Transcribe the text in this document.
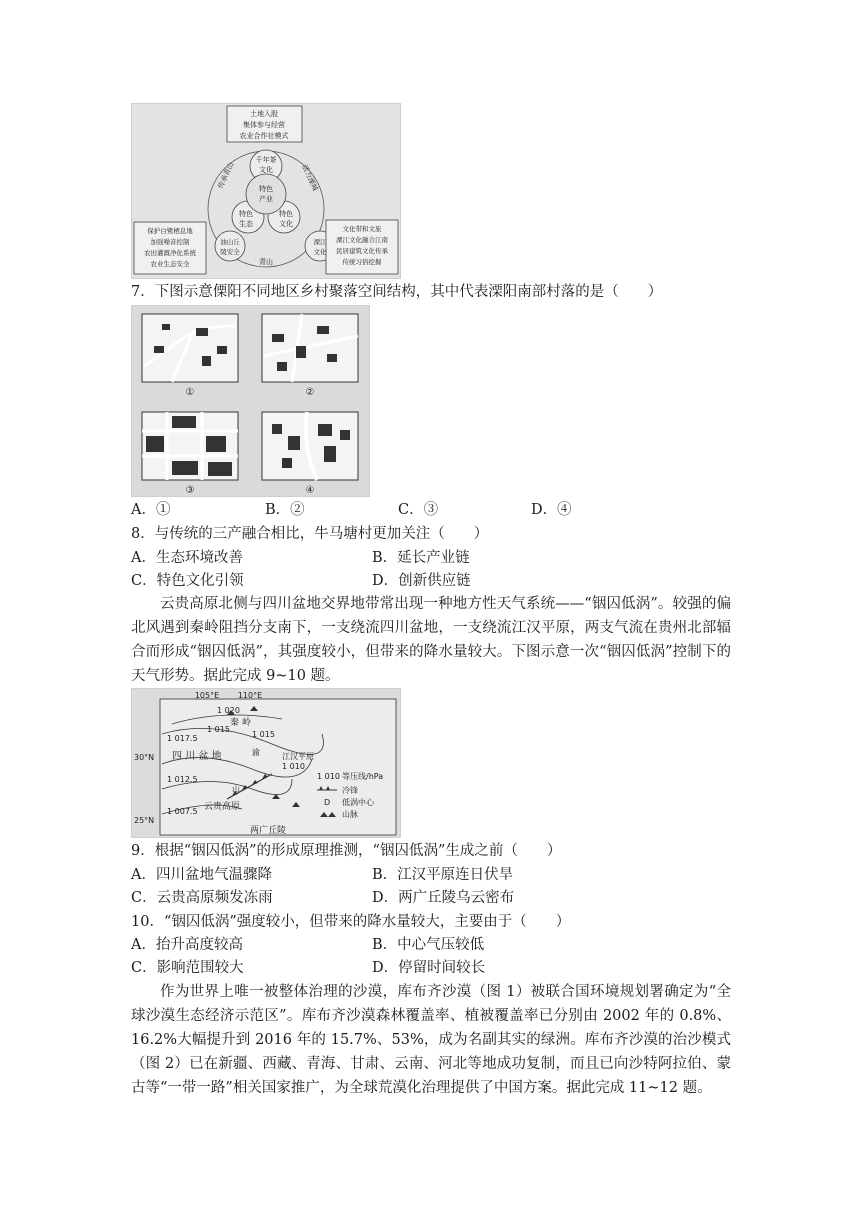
土地入股
集体参与经营
农业合作社模式
千年茶
文化
特色
产业
特色
生态
特色
文化
油山丘
陵安全
溧江
文化
传承青山	活力溧城
青山
保护白鹭栖息地
加强噪音控制
农田灌溉净化系统
农业生态安全
文化带和文旅
溧江文化融合江南
民居建筑文化传承
传统习俗挖掘
7．下图示意傈阳不同地区乡村聚落空间结构，其中代表溧阳南部村落的是（　　）
①	②
③	④
A．①	B．②	C．③	D．④
8．与传统的三产融合相比，牛马塘村更加关注（　　）
A．生态环境改善	B．延长产业链
C．特色文化引领	D．创新供应链
云贵高原北侧与四川盆地交界地带常出现一种地方性天气系统——“铟囚低涡”。较强的偏北风遇到秦岭阻挡分支南下，一支绕流四川盆地，一支绕流江汉平原，两支气流在贵州北部辐合而形成“铟囚低涡”，其强度较小，但带来的降水量较大。下图示意一次“铟囚低涡”控制下的天气形势。据此完成 9~10 题。
105°E 110°E
30°N
25°N
1 020
1 017.5
1 015
1 015
1 012.5
1 010
1 007.5
秦 岭
四 川 盆 地	江汉平原
山
云贵高原
两广丘陵
渝
1 010 等压线/hPa
冷锋
D 低涡中心
山脉
9．根据“铟囚低涡”的形成原理推测，“铟囚低涡”生成之前（　　）
A．四川盆地气温骤降	B．江汉平原连日伏旱
C．云贵高原频发冻雨	D．两广丘陵乌云密布
10．“铟囚低涡”强度较小，但带来的降水量较大，主要由于（　　）
A．抬升高度较高	B．中心气压较低
C．影响范围较大	D．停留时间较长
作为世界上唯一被整体治理的沙漠，库布齐沙漠（图 1）被联合国环境规划署确定为“全球沙漠生态经济示范区”。库布齐沙漠森林覆盖率、植被覆盖率已分别由 2002 年的 0.8%、16.2%大幅提升到 2016 年的 15.7%、53%，成为名副其实的绿洲。库布齐沙漠的治沙模式（图 2）已在新疆、西藏、青海、甘肃、云南、河北等地成功复制，而且已向沙特阿拉伯、蒙古等“一带一路”相关国家推广，为全球荒漠化治理提供了中国方案。据此完成 11~12 题。
